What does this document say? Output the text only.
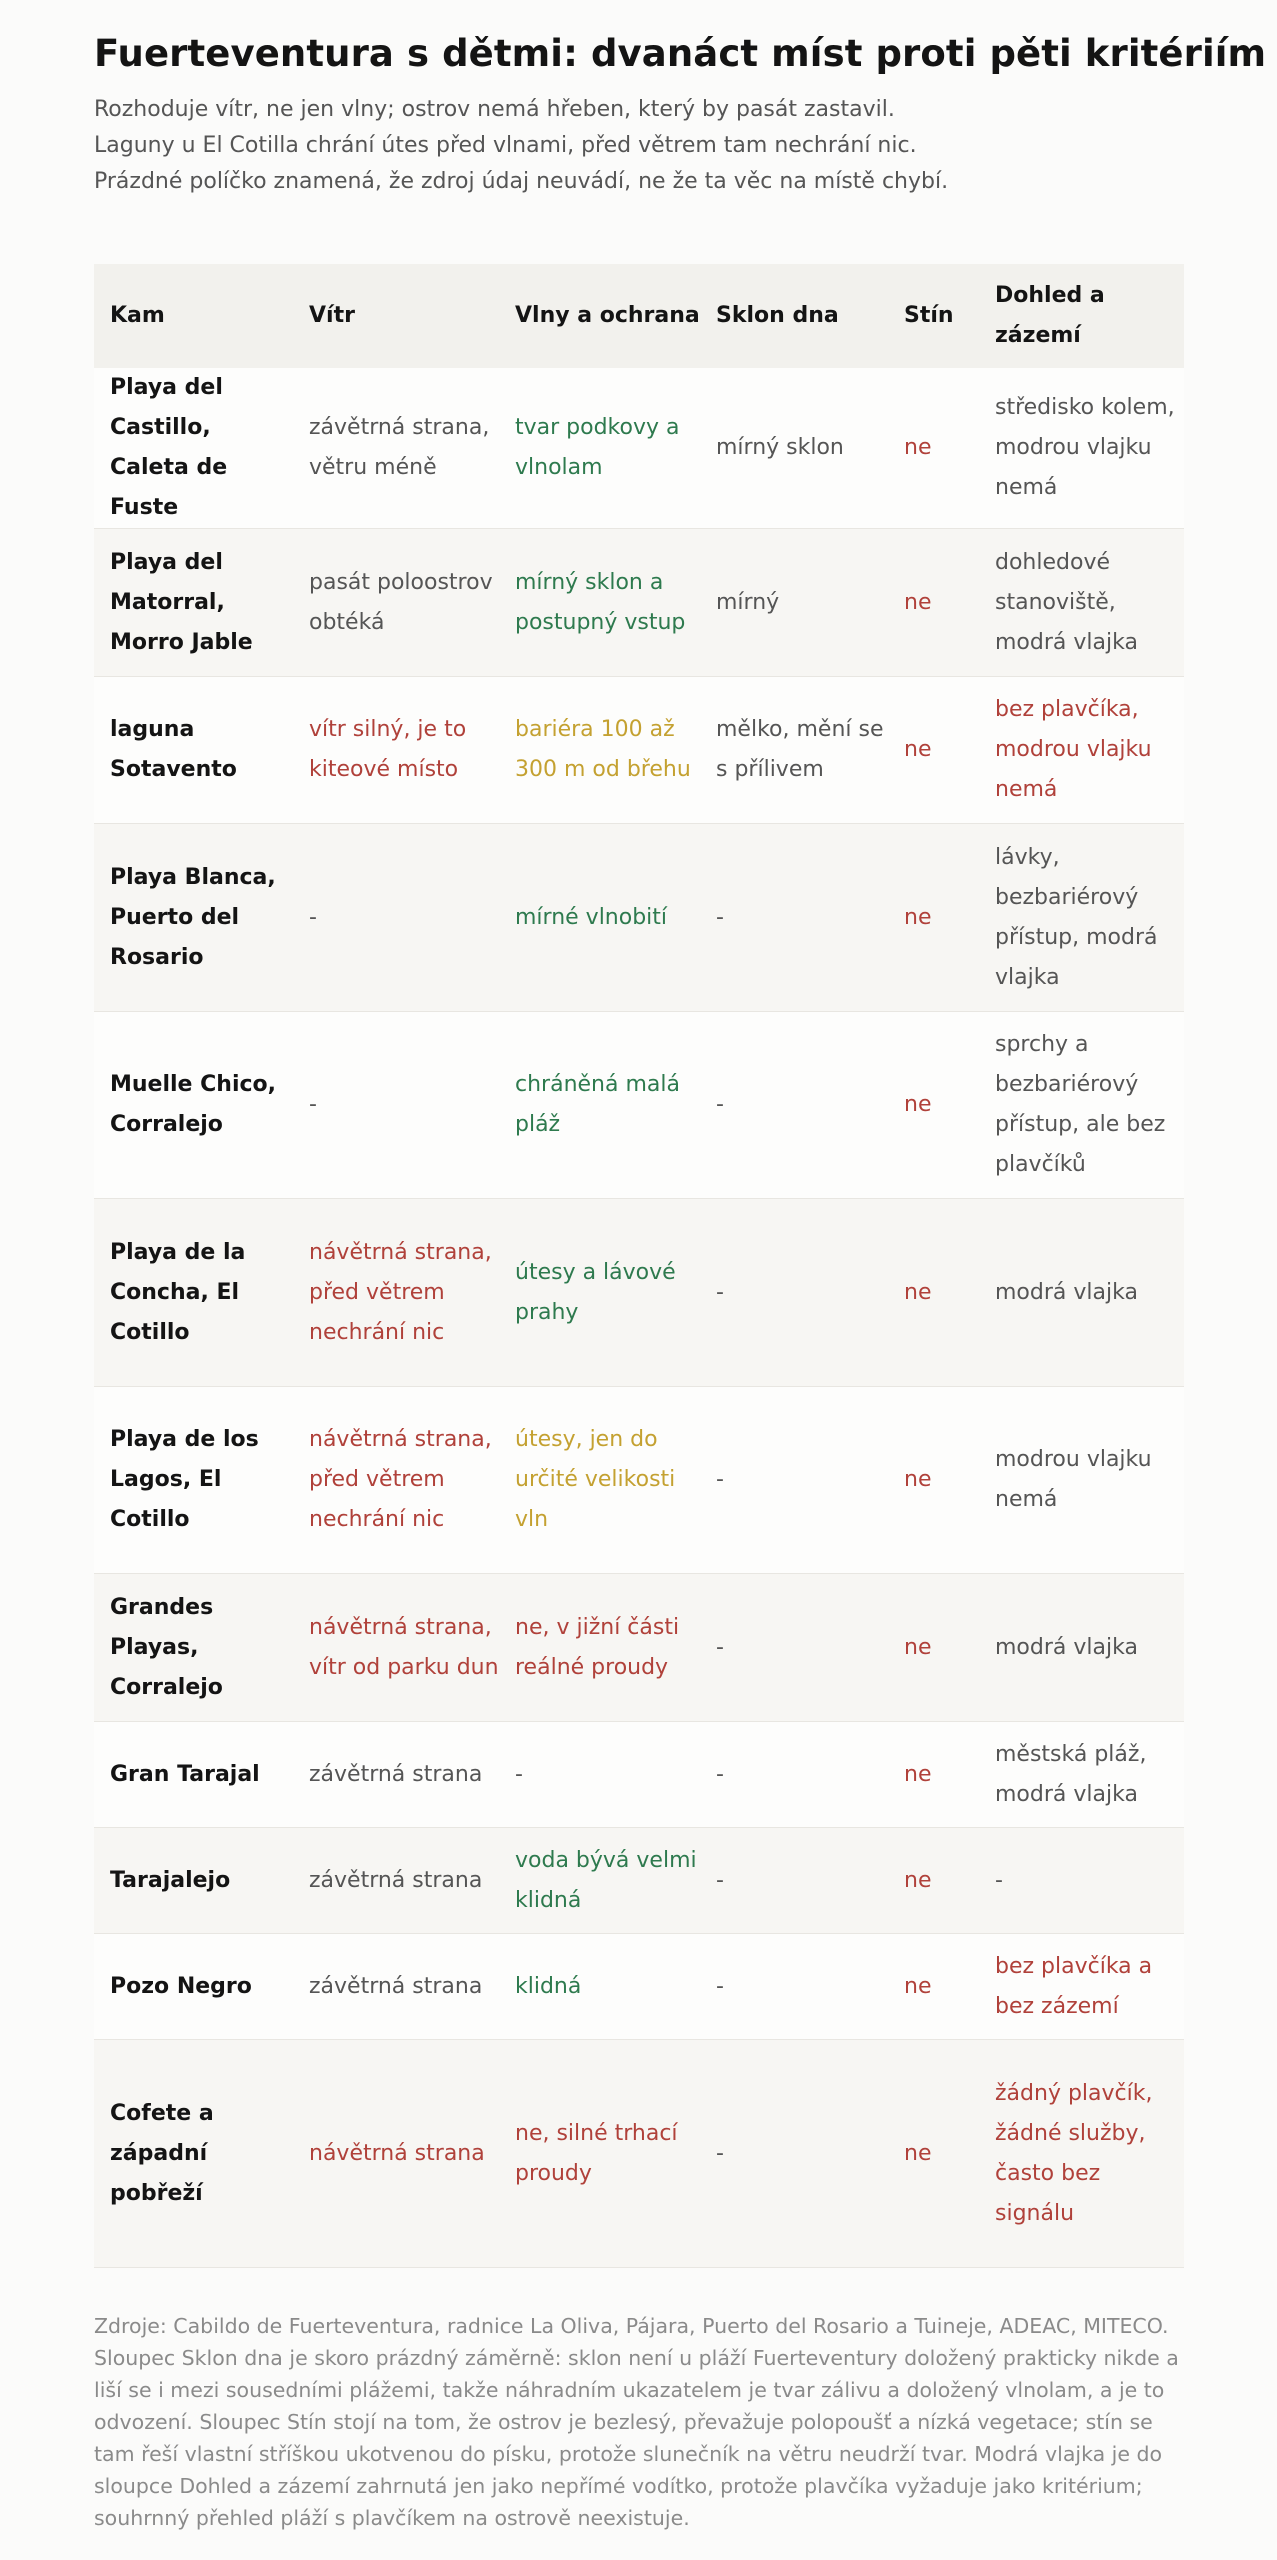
Fuerteventura s dětmi: dvanáct míst proti pěti kritériím
Rozhoduje vítr, ne jen vlny; ostrov nemá hřeben, který by pasát zastavil.
Laguny u El Cotilla chrání útes před vlnami, před větrem tam nechrání nic.
Prázdné políčko znamená, že zdroj údaj neuvádí, ne že ta věc na místě chybí.
Kam	Vítr	Vlny a ochrana	Sklon dna	Stín	Dohled a zázemí
Playa del Castillo, Caleta de Fuste	závětrná strana, větru méně	tvar podkovy a vlnolam	mírný sklon	ne	středisko kolem, modrou vlajku nemá
Playa del Matorral, Morro Jable	pasát poloostrov obtéká	mírný sklon a postupný vstup	mírný	ne	dohledové stanoviště, modrá vlajka
laguna Sotavento	vítr silný, je to kiteové místo	bariéra 100 až 300 m od břehu	mělko, mění se s přílivem	ne	bez plavčíka, modrou vlajku nemá
Playa Blanca, Puerto del Rosario	-	mírné vlnobití	-	ne	lávky, bezbariérový přístup, modrá vlajka
Muelle Chico, Corralejo	-	chráněná malá pláž	-	ne	sprchy a bezbariérový přístup, ale bez plavčíků
Playa de la Concha, El Cotillo	návětrná strana, před větrem nechrání nic	útesy a lávové prahy	-	ne	modrá vlajka
Playa de los Lagos, El Cotillo	návětrná strana, před větrem nechrání nic	útesy, jen do určité velikosti vln	-	ne	modrou vlajku nemá
Grandes Playas, Corralejo	návětrná strana, vítr od parku dun	ne, v jižní části reálné proudy	-	ne	modrá vlajka
Gran Tarajal	závětrná strana	-	-	ne	městská pláž, modrá vlajka
Tarajalejo	závětrná strana	voda bývá velmi klidná	-	ne	-
Pozo Negro	závětrná strana	klidná	-	ne	bez plavčíka a bez zázemí
Cofete a západní pobřeží	návětrná strana	ne, silné trhací proudy	-	ne	žádný plavčík, žádné služby, často bez signálu
Zdroje: Cabildo de Fuerteventura, radnice La Oliva, Pájara, Puerto del Rosario a Tuineje, ADEAC, MITECO. Sloupec Sklon dna je skoro prázdný záměrně: sklon není u pláží Fuerteventury doložený prakticky nikde a liší se i mezi sousedními plážemi, takže náhradním ukazatelem je tvar zálivu a doložený vlnolam, a je to odvození. Sloupec Stín stojí na tom, že ostrov je bezlesý, převažuje polopoušť a nízká vegetace; stín se tam řeší vlastní stříškou ukotvenou do písku, protože slunečník na větru neudrží tvar. Modrá vlajka je do sloupce Dohled a zázemí zahrnutá jen jako nepřímé vodítko, protože plavčíka vyžaduje jako kritérium; souhrnný přehled pláží s plavčíkem na ostrově neexistuje.
